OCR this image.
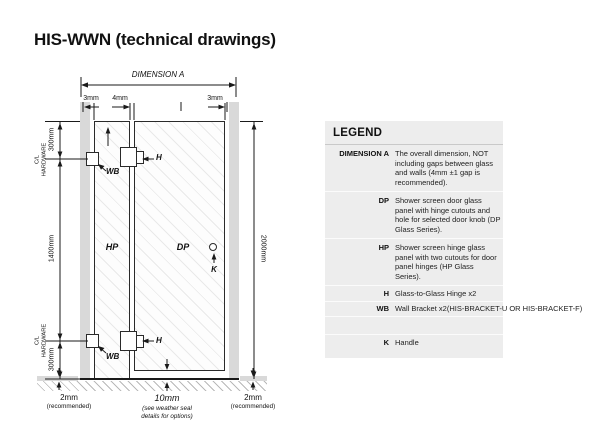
HIS-WWN (technical drawings)
DIMENSION A
3mm	4mm	3mm
300mm
C/L HARDWARE
1400mm
C/L HARDWARE
300mm
2000mm
HP	DP
H
H
WB
WB
K
2mm
(recommended)
10mm
(see weather seal
details for options)
2mm
(recommended)
LEGEND
DIMENSION A The overall dimension, NOT including gaps between glass and walls (4mm ±1 gap is recommended).
DP Shower screen door glass panel with hinge cutouts and hole for selected door knob (DP Glass Series).
HP Shower screen hinge glass panel with two cutouts for door panel hinges (HP Glass Series).
H Glass-to-Glass Hinge x2
WB Wall Bracket x2(HIS-BRACKET-U OR HIS-BRACKET-F)
K Handle
